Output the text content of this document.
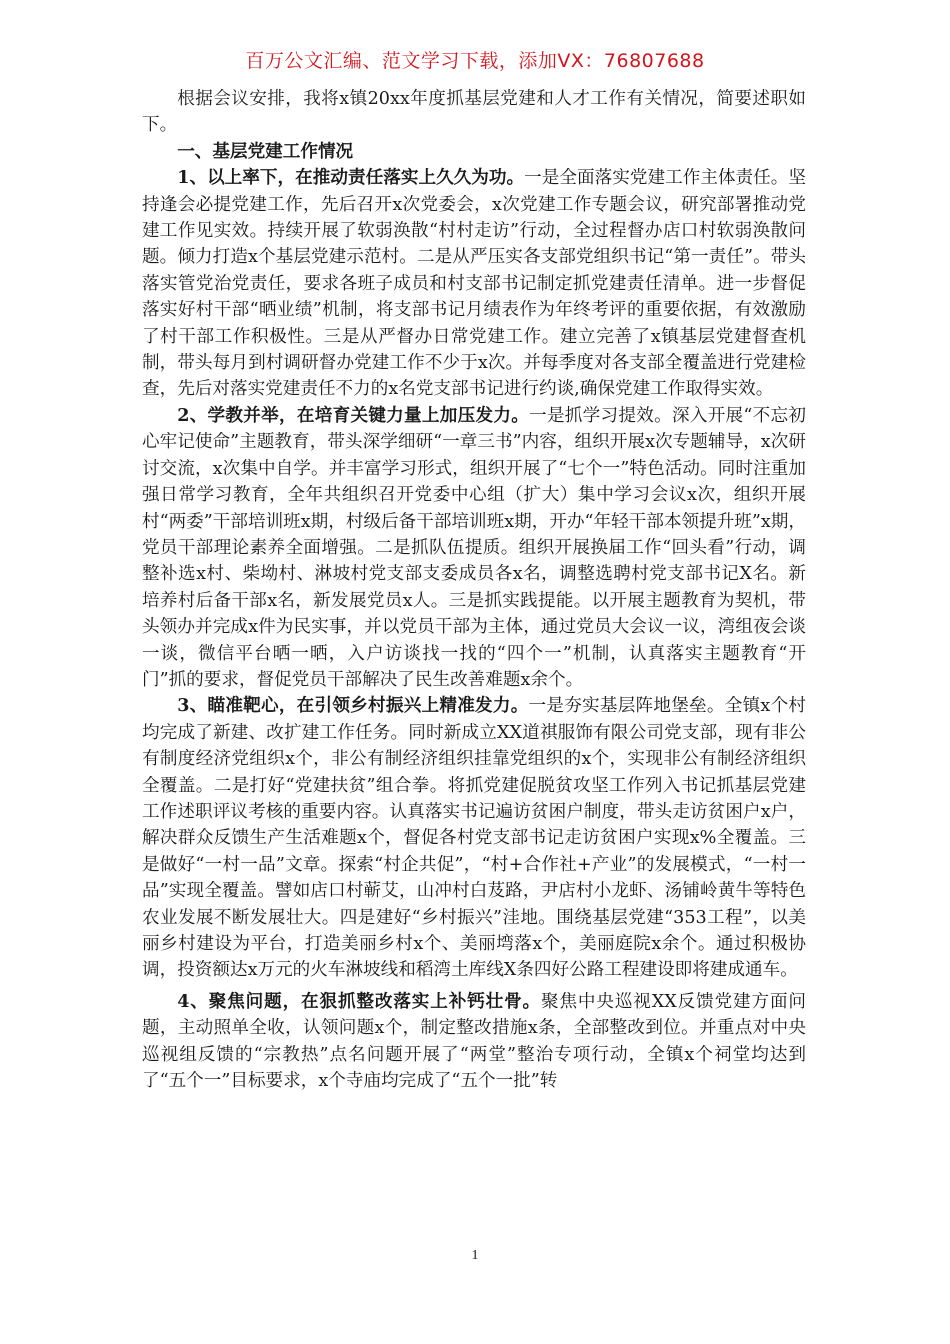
百万公文汇编、范文学习下载，添加VX：76807688

根据会议安排，我将x镇20xx年度抓基层党建和人才工作有关情况，简要述职如下。

一、基层党建工作情况

1、以上率下，在推动责任落实上久久为功。一是全面落实党建工作主体责任。坚持逢会必提党建工作，先后召开x次党委会，x次党建工作专题会议，研究部署推动党建工作见实效。持续开展了软弱涣散“村村走访”行动，全过程督办店口村软弱涣散问题。倾力打造x个基层党建示范村。二是从严压实各支部党组织书记“第一责任”。带头落实管党治党责任，要求各班子成员和村支部书记制定抓党建责任清单。进一步督促落实好村干部“晒业绩”机制，将支部书记月绩表作为年终考评的重要依据，有效激励了村干部工作积极性。三是从严督办日常党建工作。建立完善了x镇基层党建督查机制，带头每月到村调研督办党建工作不少于x次。并每季度对各支部全覆盖进行党建检查，先后对落实党建责任不力的x名党支部书记进行约谈,确保党建工作取得实效。

2、学教并举，在培育关键力量上加压发力。一是抓学习提效。深入开展“不忘初心牢记使命”主题教育，带头深学细研“一章三书”内容，组织开展x次专题辅导，x次研讨交流，x次集中自学。并丰富学习形式，组织开展了“七个一”特色活动。同时注重加强日常学习教育，全年共组织召开党委中心组（扩大）集中学习会议x次，组织开展村“两委”干部培训班x期，村级后备干部培训班x期，开办“年轻干部本领提升班”x期，党员干部理论素养全面增强。二是抓队伍提质。组织开展换届工作“回头看”行动，调整补选x村、柴坳村、淋坡村党支部支委成员各x名，调整选聘村党支部书记X名。新培养村后备干部x名，新发展党员x人。三是抓实践提能。以开展主题教育为契机，带头领办并完成x件为民实事，并以党员干部为主体，通过党员大会议一议，湾组夜会谈一谈，微信平台晒一晒，入户访谈找一找的“四个一”机制，认真落实主题教育“开门”抓的要求，督促党员干部解决了民生改善难题x余个。

3、瞄准靶心，在引领乡村振兴上精准发力。一是夯实基层阵地堡垒。全镇x个村均完成了新建、改扩建工作任务。同时新成立XX道祺服饰有限公司党支部，现有非公有制度经济党组织x个，非公有制经济组织挂靠党组织的x个，实现非公有制经济组织全覆盖。二是打好“党建扶贫”组合拳。将抓党建促脱贫攻坚工作列入书记抓基层党建工作述职评议考核的重要内容。认真落实书记遍访贫困户制度，带头走访贫困户x户，解决群众反馈生产生活难题x个，督促各村党支部书记走访贫困户实现x%全覆盖。三是做好“一村一品”文章。探索“村企共促”，“村+合作社+产业”的发展模式，“一村一品”实现全覆盖。譬如店口村蕲艾，山冲村白芨路，尹店村小龙虾、汤铺岭黄牛等特色农业发展不断发展壮大。四是建好“乡村振兴”洼地。围绕基层党建“353工程”，以美丽乡村建设为平台，打造美丽乡村x个、美丽塆落x个，美丽庭院x余个。通过积极协调，投资额达x万元的火车淋坡线和稻湾土库线X条四好公路工程建设即将建成通车。

4、聚焦问题，在狠抓整改落实上补钙壮骨。聚焦中央巡视XX反馈党建方面问题，主动照单全收，认领问题x个，制定整改措施x条，全部整改到位。并重点对中央巡视组反馈的“宗教热”点名问题开展了“两堂”整治专项行动，全镇x个祠堂均达到了“五个一”目标要求，x个寺庙均完成了“五个一批”转

1
